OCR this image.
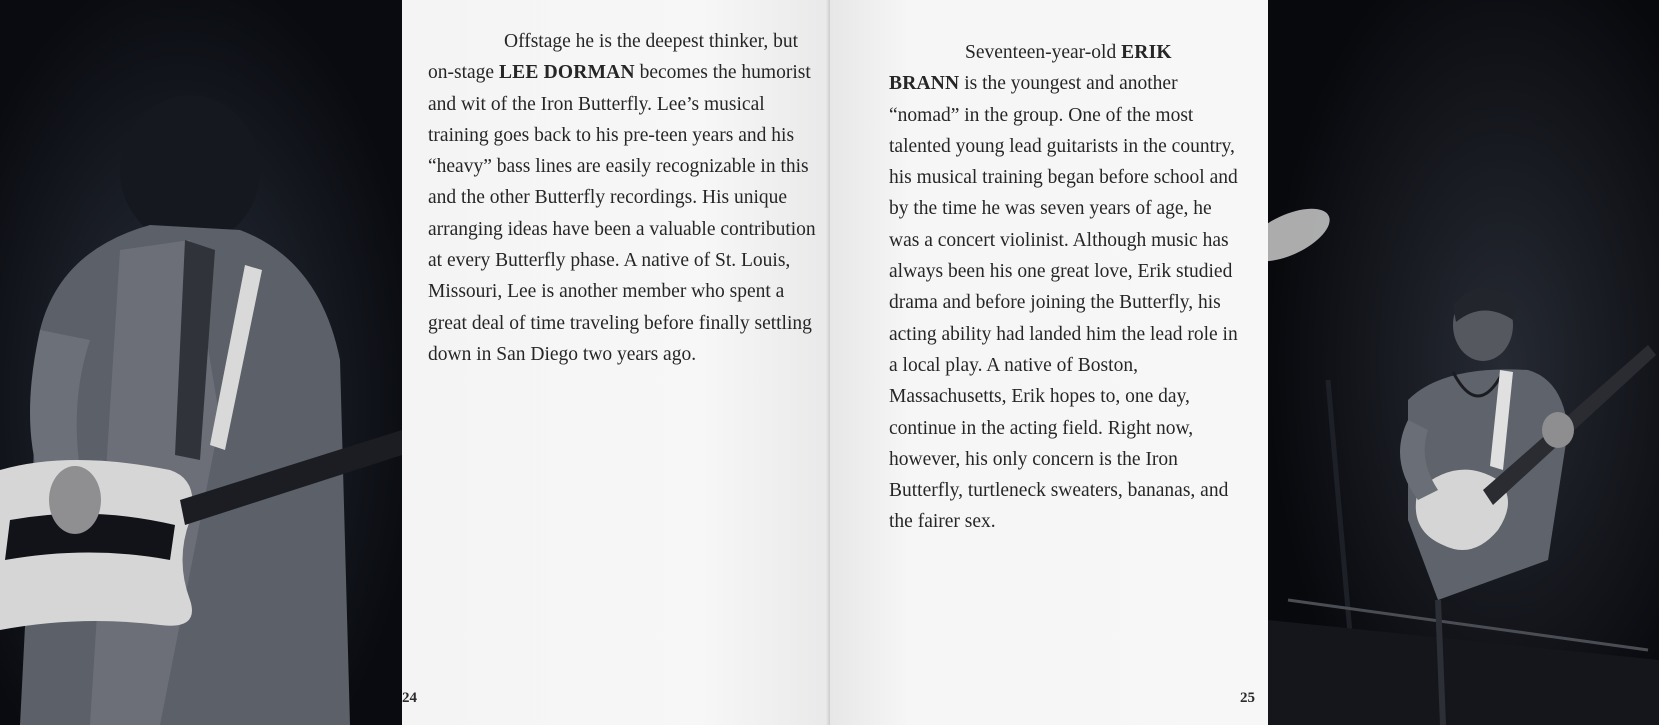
Offstage he is the deepest thinker, but on-stage LEE DORMAN becomes the humorist and wit of the Iron Butterfly. Lee’s musical training goes back to his pre-teen years and his “heavy” bass lines are easily recognizable in this and the other Butterfly recordings. His unique arranging ideas have been a valuable contribution at every Butterfly phase. A native of St. Louis, Missouri, Lee is another member who spent a great deal of time traveling before finally settling down in San Diego two years ago.

24

Seventeen-year-old ERIK BRANN is the youngest and another “nomad” in the group. One of the most talented young lead guitarists in the country, his musical training began before school and by the time he was seven years of age, he was a concert violinist. Although music has always been his one great love, Erik studied drama and before joining the Butterfly, his acting ability had landed him the lead role in a local play. A native of Boston, Massachusetts, Erik hopes to, one day, continue in the acting field. Right now, however, his only concern is the Iron Butterfly, turtleneck sweaters, bananas, and the fairer sex.

25
